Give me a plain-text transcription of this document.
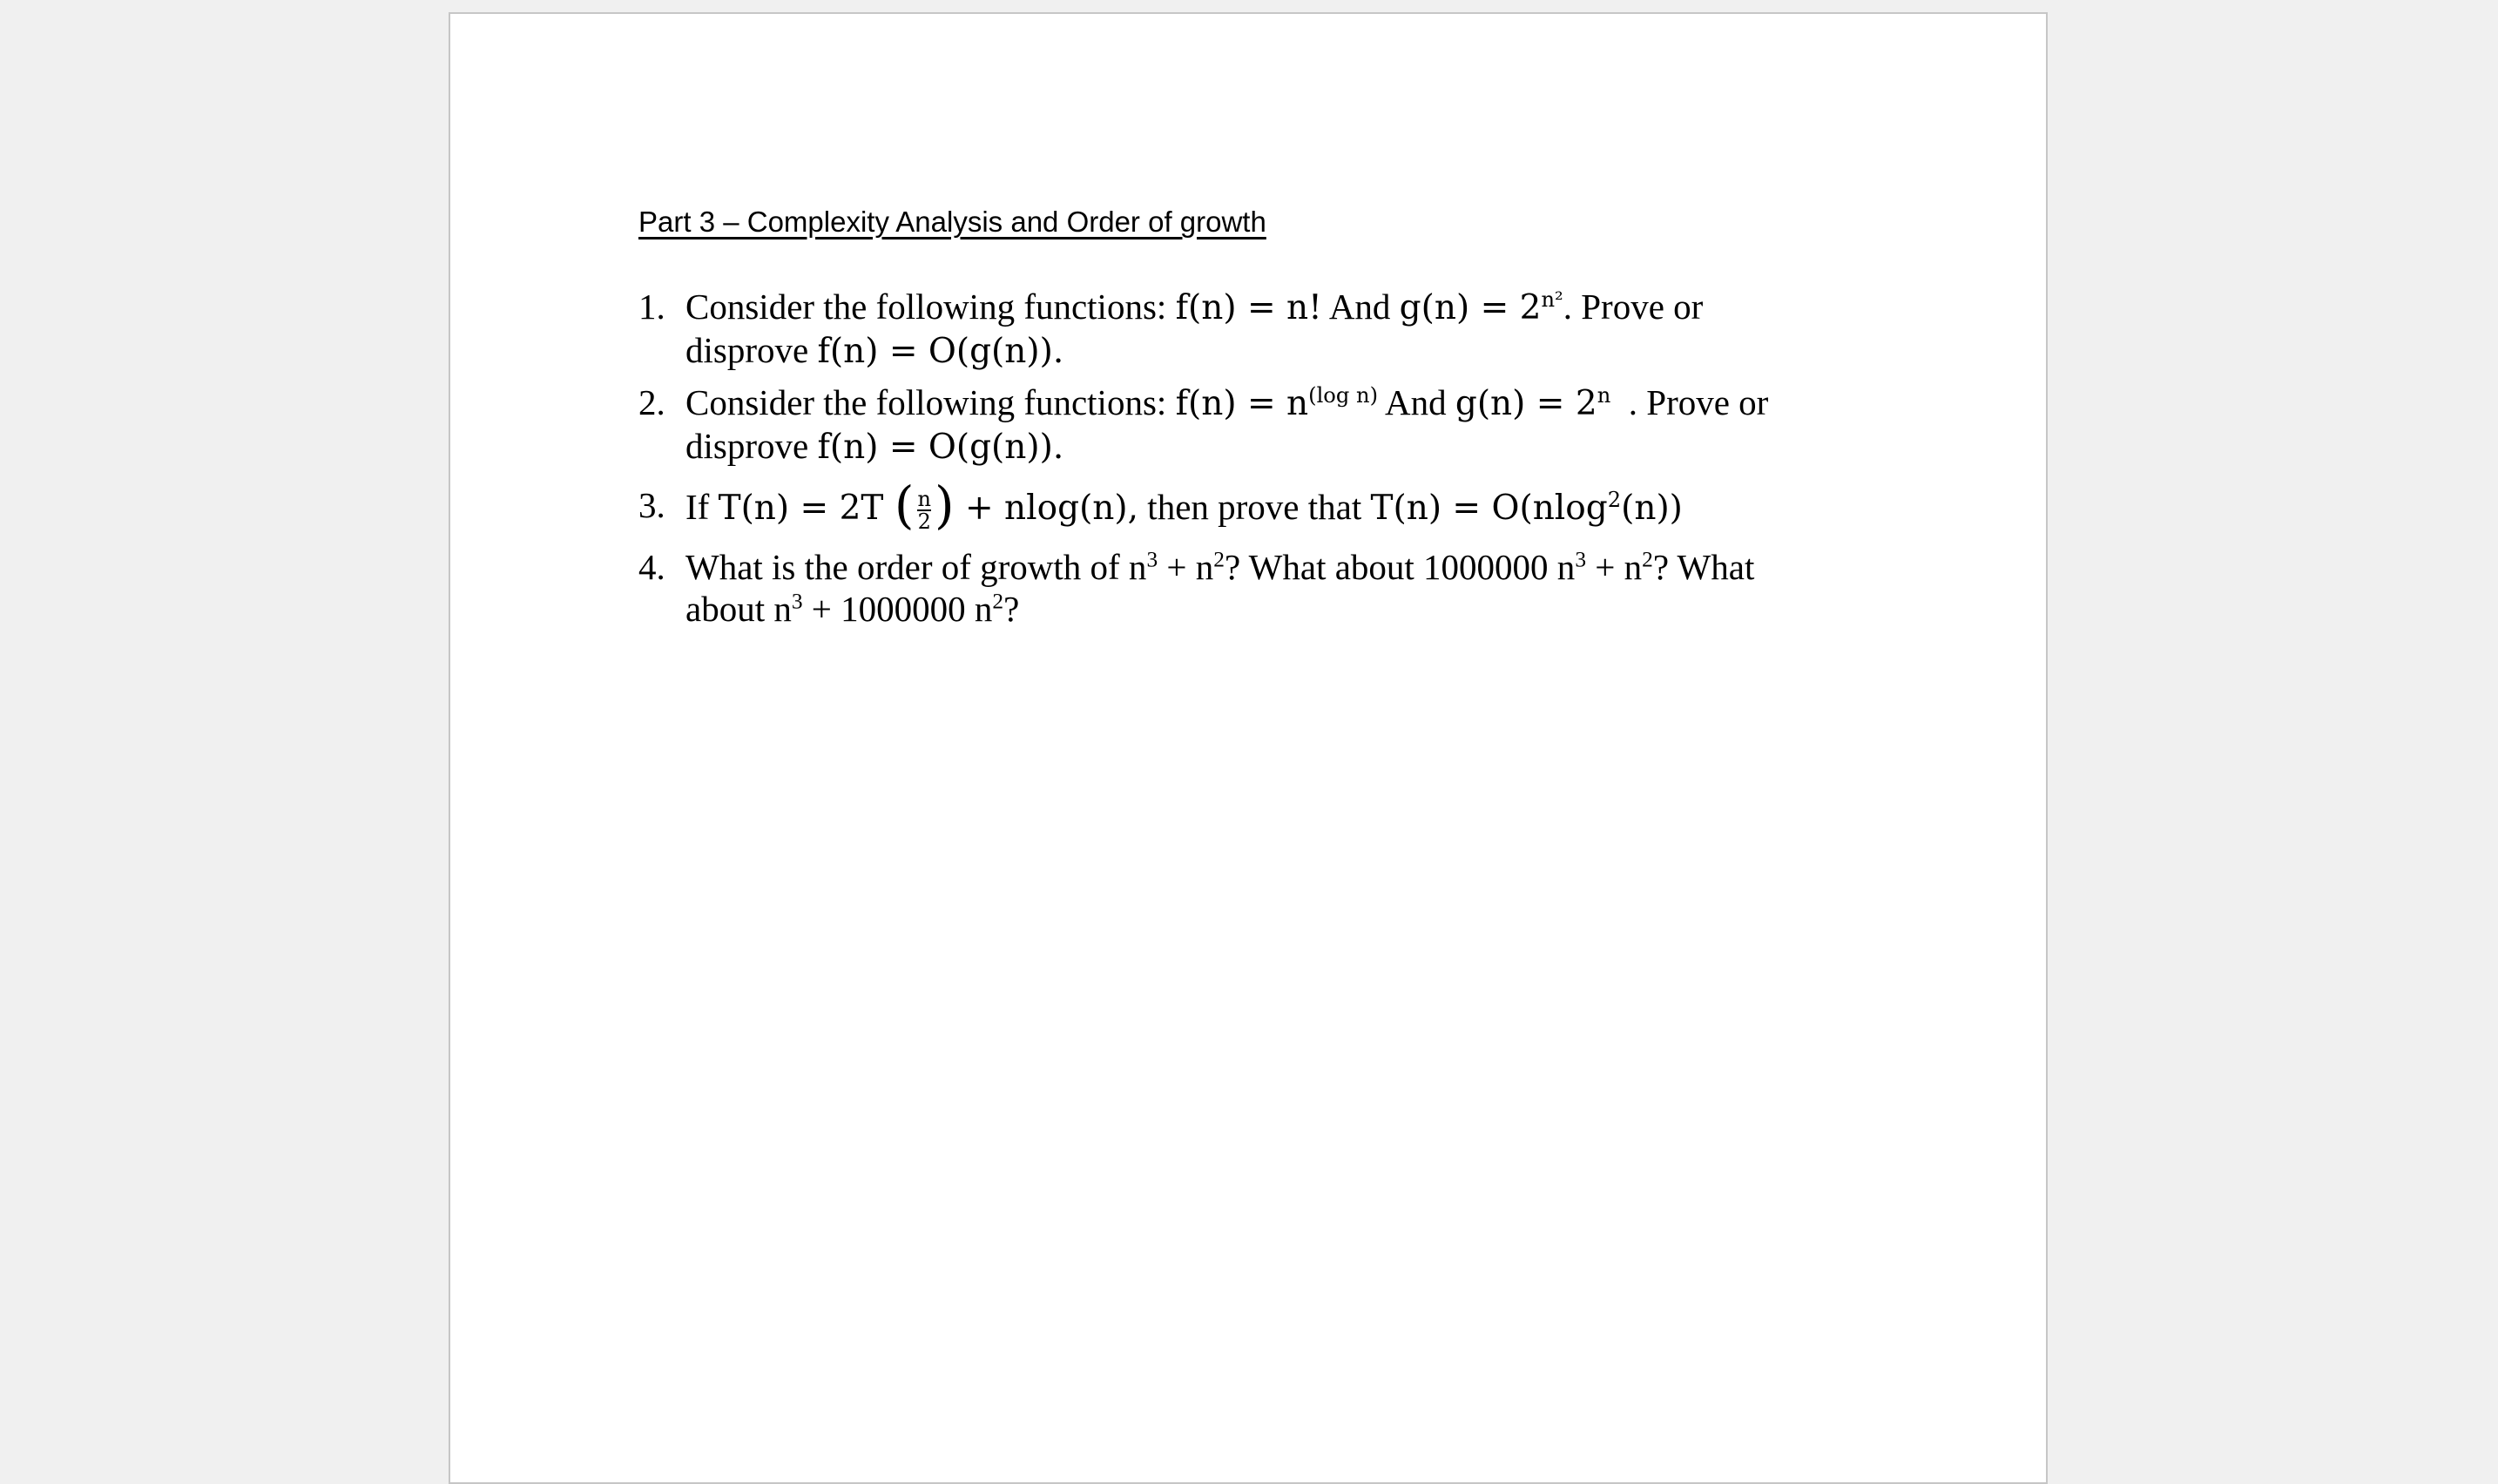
Part 3 – Complexity Analysis and Order of growth
1. Consider the following functions: f(n) = n! And $g(n) = 2^{n^2}$. Prove or
disprove f(n) = O(g(n)).
2. Consider the following functions: $f(n) = n^{(log n)}$ And $g(n) = 2^n$ . Prove or
disprove f(n) = O(g(n)).
3. If T(n) = 2T ( $\frac{n}{2}$ ) + nlog(n), then prove that T(n) = O(nlog$^2$(n))
4. What is the order of growth of $n^3 + n^2$? What about 1000000 $n^3 + n^2$? What
about $n^3 + 1000000$ $n^2$?
